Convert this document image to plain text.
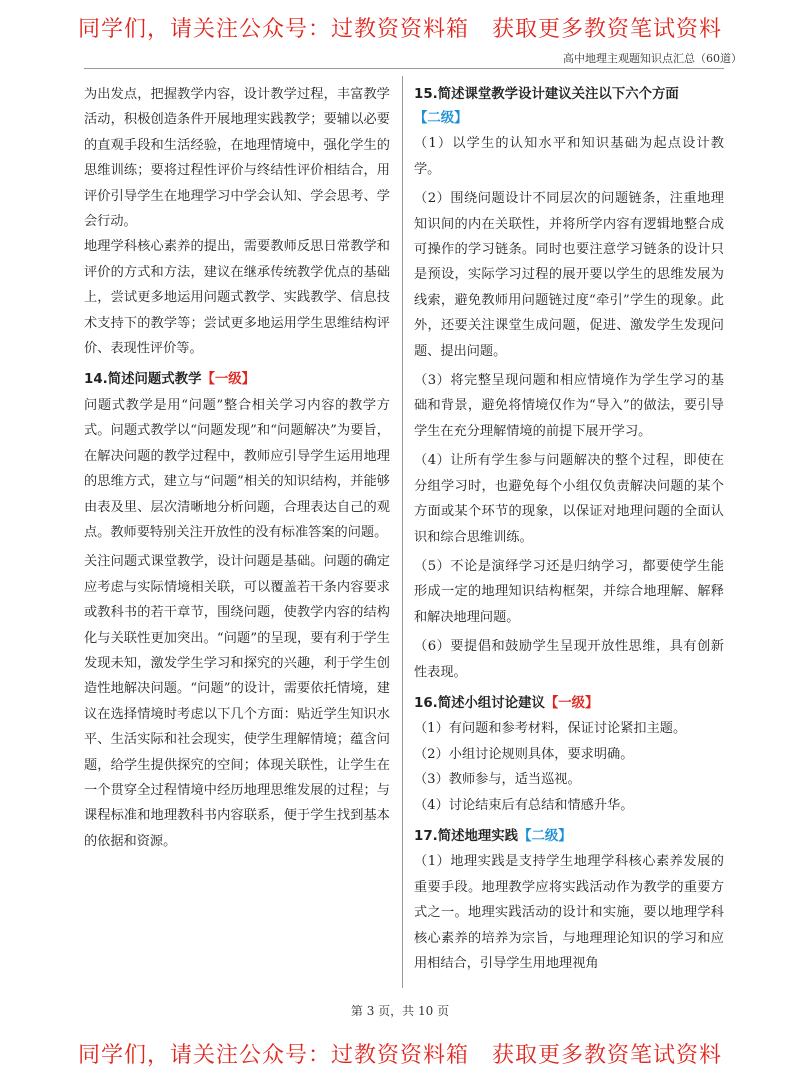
同学们，请关注公众号：过教资资料箱　获取更多教资笔试资料
高中地理主观题知识点汇总（60道）

为出发点，把握教学内容，设计教学过程，丰富教学活动，积极创造条件开展地理实践教学；要辅以必要的直观手段和生活经验，在地理情境中，强化学生的思维训练；要将过程性评价与终结性评价相结合，用评价引导学生在地理学习中学会认知、学会思考、学会行动。

地理学科核心素养的提出，需要教师反思日常教学和评价的方式和方法，建议在继承传统教学优点的基础上，尝试更多地运用问题式教学、实践教学、信息技术支持下的教学等；尝试更多地运用学生思维结构评价、表现性评价等。

14.简述问题式教学【一级】

问题式教学是用“问题”整合相关学习内容的教学方式。问题式教学以“问题发现”和“问题解决”为要旨，在解决问题的教学过程中，教师应引导学生运用地理的思维方式，建立与“问题”相关的知识结构，并能够由表及里、层次清晰地分析问题，合理表达自己的观点。教师要特别关注开放性的没有标准答案的问题。

关注问题式课堂教学，设计问题是基础。问题的确定应考虑与实际情境相关联，可以覆盖若干条内容要求或教科书的若干章节，围绕问题，使教学内容的结构化与关联性更加突出。“问题”的呈现，要有利于学生发现未知，激发学生学习和探究的兴趣，利于学生创造性地解决问题。“问题”的设计，需要依托情境，建议在选择情境时考虑以下几个方面：贴近学生知识水平、生活实际和社会现实，使学生理解情境；蕴含问题，给学生提供探究的空间；体现关联性，让学生在一个贯穿全过程情境中经历地理思维发展的过程；与课程标准和地理教科书内容联系，便于学生找到基本的依据和资源。

15.简述课堂教学设计建议关注以下六个方面
【二级】

（1）以学生的认知水平和知识基础为起点设计教学。

（2）围绕问题设计不同层次的问题链条，注重地理知识间的内在关联性，并将所学内容有逻辑地整合成可操作的学习链条。同时也要注意学习链条的设计只是预设，实际学习过程的展开要以学生的思维发展为线索，避免教师用问题链过度“牵引”学生的现象。此外，还要关注课堂生成问题，促进、激发学生发现问题、提出问题。

（3）将完整呈现问题和相应情境作为学生学习的基础和背景，避免将情境仅作为“导入”的做法，要引导学生在充分理解情境的前提下展开学习。

（4）让所有学生参与问题解决的整个过程，即使在分组学习时，也避免每个小组仅负责解决问题的某个方面或某个环节的现象，以保证对地理问题的全面认识和综合思维训练。

（5）不论是演绎学习还是归纳学习，都要使学生能形成一定的地理知识结构框架，并综合地理解、解释和解决地理问题。

（6）要提倡和鼓励学生呈现开放性思维，具有创新性表现。

16.简述小组讨论建议【一级】

（1）有问题和参考材料，保证讨论紧扣主题。

（2）小组讨论规则具体，要求明确。

（3）教师参与，适当巡视。

（4）讨论结束后有总结和情感升华。

17.简述地理实践【二级】

（1）地理实践是支持学生地理学科核心素养发展的重要手段。地理教学应将实践活动作为教学的重要方式之一。地理实践活动的设计和实施，要以地理学科核心素养的培养为宗旨，与地理理论知识的学习和应用相结合，引导学生用地理视角

第 3 页，共 10 页
同学们，请关注公众号：过教资资料箱　获取更多教资笔试资料
